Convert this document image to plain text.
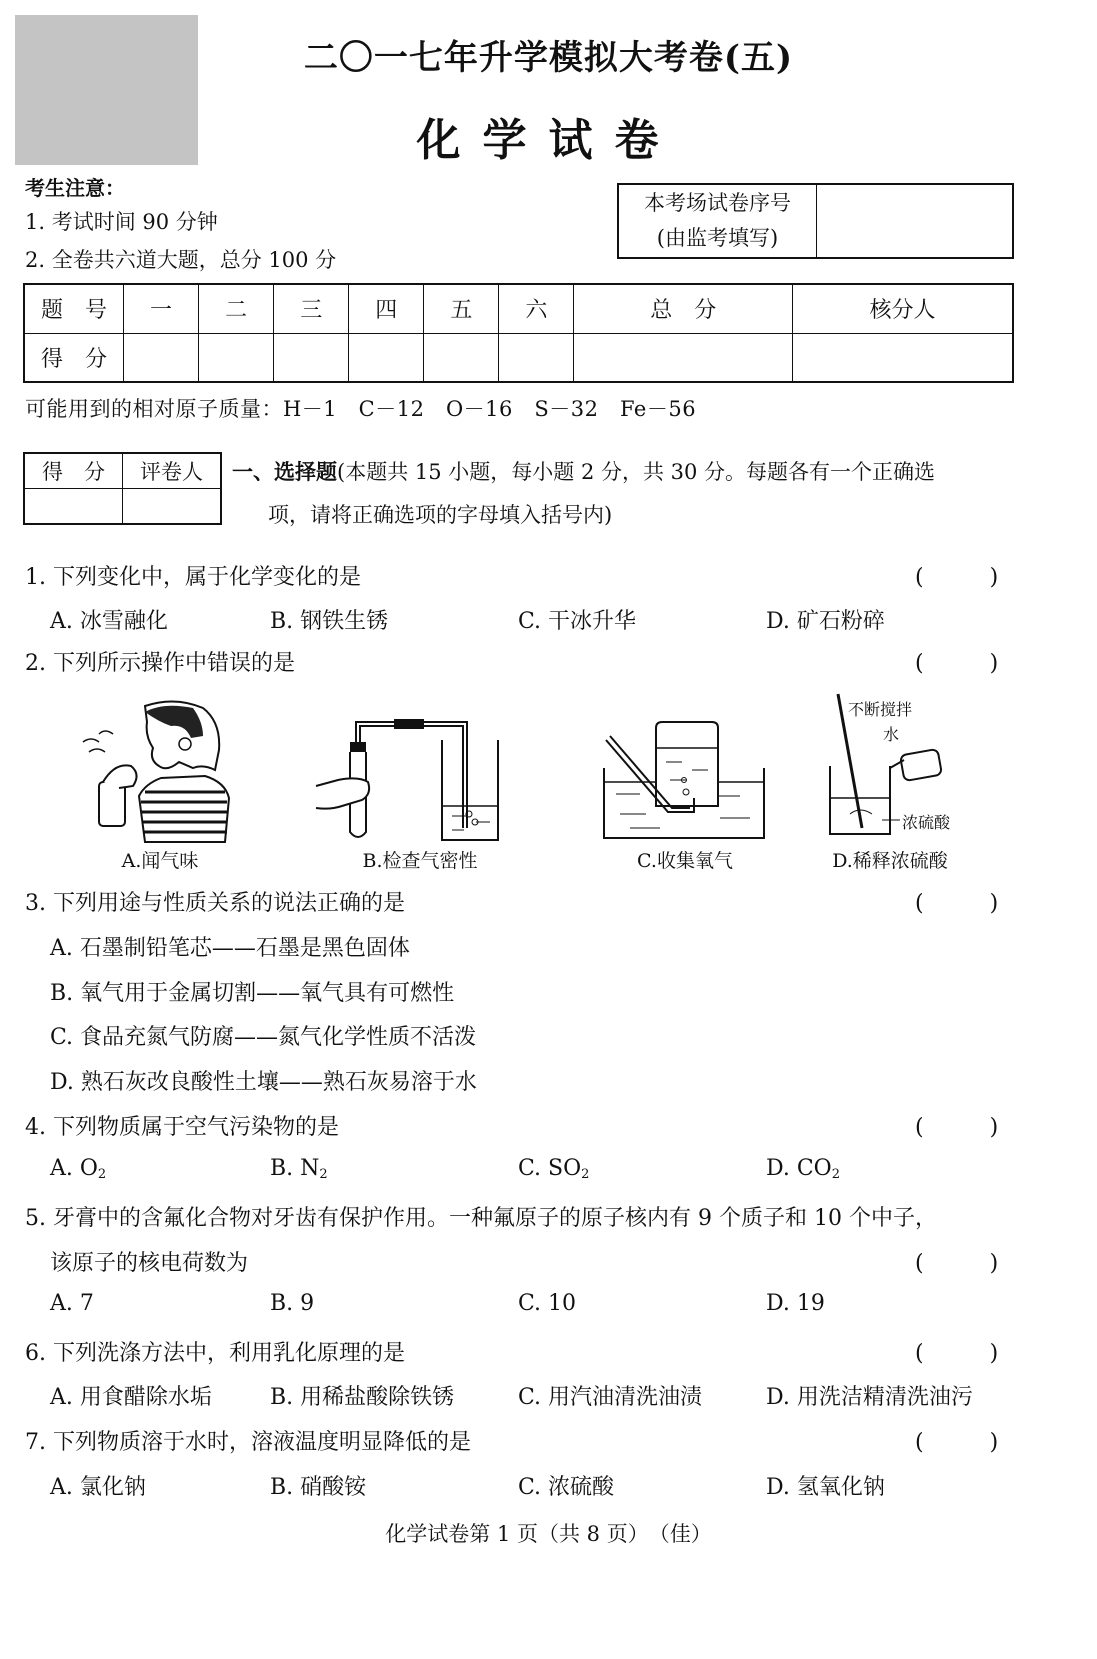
二〇一七年升学模拟大考卷(五)
化学试卷
考生注意：
1. 考试时间 90 分钟
2. 全卷共六道大题，总分 100 分
本考场试卷序号
(由监考填写)

题　号	一	二	三	四	五	六	总　分	核分人
得　分								
可能用到的相对原子质量：H－1　C－12　O－16　S－32　Fe－56
得　分	评卷人
	一、选择题(本题共 15 小题，每小题 2 分，共 30 分。每题各有一个正确选
项，请将正确选项的字母填入括号内)
1. 下列变化中，属于化学变化的是	(　　　)
A. 冰雪融化	B. 钢铁生锈	C. 干冰升华	D. 矿石粉碎
2. 下列所示操作中错误的是	(　　　)
A.闻气味	B.检查气密性	C.收集氧气
不断搅拌
水
浓硫酸
D.稀释浓硫酸
3. 下列用途与性质关系的说法正确的是	(　　　)
A. 石墨制铅笔芯——石墨是黑色固体
B. 氧气用于金属切割——氧气具有可燃性
C. 食品充氮气防腐——氮气化学性质不活泼
D. 熟石灰改良酸性土壤——熟石灰易溶于水
4. 下列物质属于空气污染物的是	(　　　)
A. $O_2$	B. $N_2$	C. $SO_2$	D. $CO_2$
5. 牙膏中的含氟化合物对牙齿有保护作用。一种氟原子的原子核内有 9 个质子和 10 个中子，
该原子的核电荷数为	(　　　)
A. 7	B. 9	C. 10	D. 19
6. 下列洗涤方法中，利用乳化原理的是	(　　　)
A. 用食醋除水垢	B. 用稀盐酸除铁锈	C. 用汽油清洗油渍	D. 用洗洁精清洗油污
7. 下列物质溶于水时，溶液温度明显降低的是	(　　　)
A. 氯化钠	B. 硝酸铵	C. 浓硫酸	D. 氢氧化钠
化学试卷第 1 页（共 8 页）　（佳）
